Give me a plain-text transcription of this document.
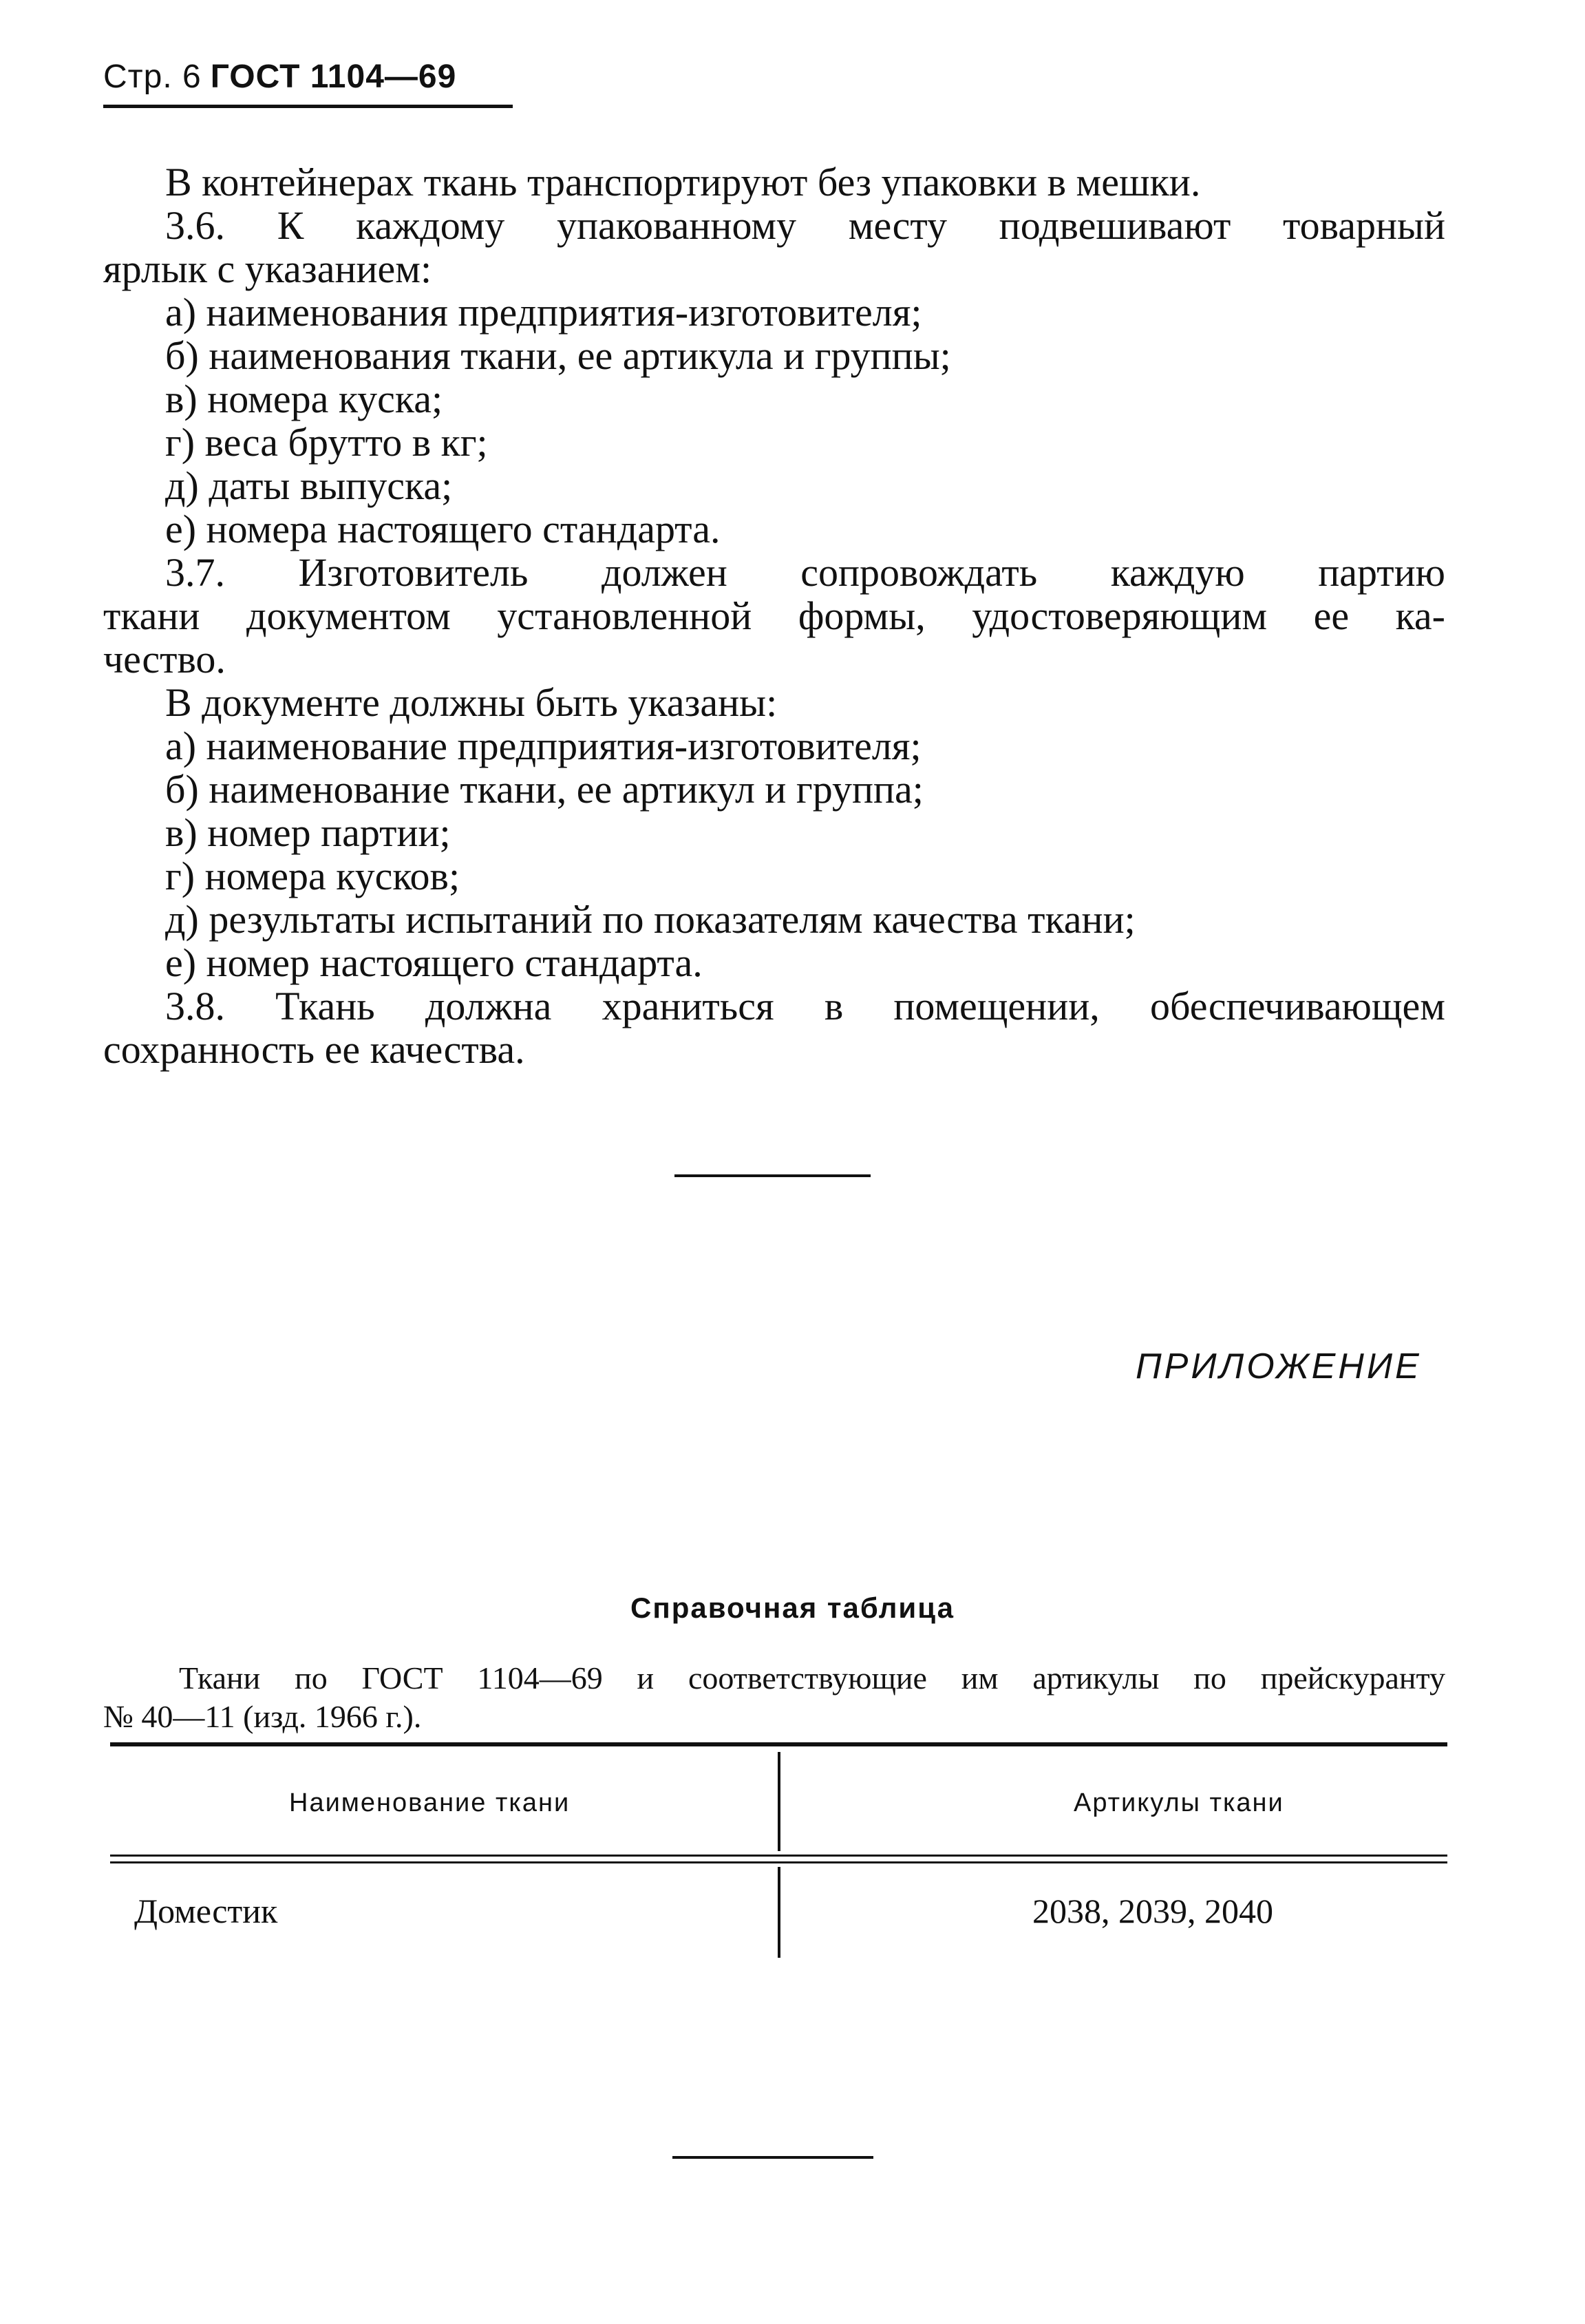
Стр. 6 ГОСТ 1104—69
В контейнерах ткань транспортируют без упаковки в мешки.
3.6. К каждому упакованному месту подвешивают товарный
ярлык с указанием:
а) наименования предприятия-изготовителя;
б) наименования ткани, ее артикула и группы;
в) номера куска;
г) веса брутто в кг;
д) даты выпуска;
е) номера настоящего стандарта.
3.7. Изготовитель должен сопровождать каждую партию
ткани документом установленной формы, удостоверяющим ее ка-
чество.
В документе должны быть указаны:
а) наименование предприятия-изготовителя;
б) наименование ткани, ее артикул и группа;
в) номер партии;
г) номера кусков;
д) результаты испытаний по показателям качества ткани;
е) номер настоящего стандарта.
3.8. Ткань должна храниться в помещении, обеспечивающем
сохранность ее качества.
ПРИЛОЖЕНИЕ
Справочная таблица
Ткани по ГОСТ 1104—69 и соответствующие им артикулы по прейскуранту
№ 40—11 (изд. 1966 г.).
Наименование ткани	Артикулы ткани
Доместик	2038, 2039, 2040
